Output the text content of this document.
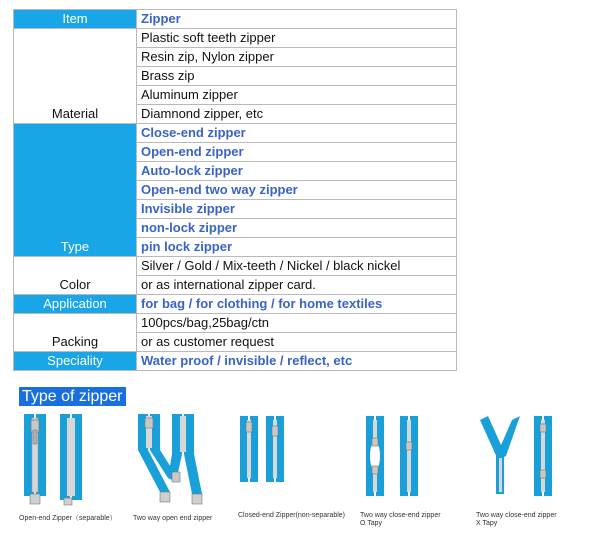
Item	Zipper
Material	Plastic soft teeth zipper
	Resin zip, Nylon zipper
	Brass zip
	Aluminum zipper
	Diamnond zipper, etc
Type	Close-end zipper
	Open-end zipper
	Auto-lock zipper
	Open-end two way zipper
	Invisible zipper
	non-lock zipper
	pin lock zipper
Color	Silver / Gold / Mix-teeth / Nickel / black nickel
	or as international zipper card.
Application	for bag / for clothing / for home textiles
Packing	100pcs/bag,25bag/ctn
	or as customer request
Speciality	Water proof / invisible / reflect, etc
Type of zipper
Open-end Zipper（separable） Two way open end zipper	Closed-end Zipper(non-separable) Two way close-end zipper
O Tapy
Two way close-end zipper
X Tapy
